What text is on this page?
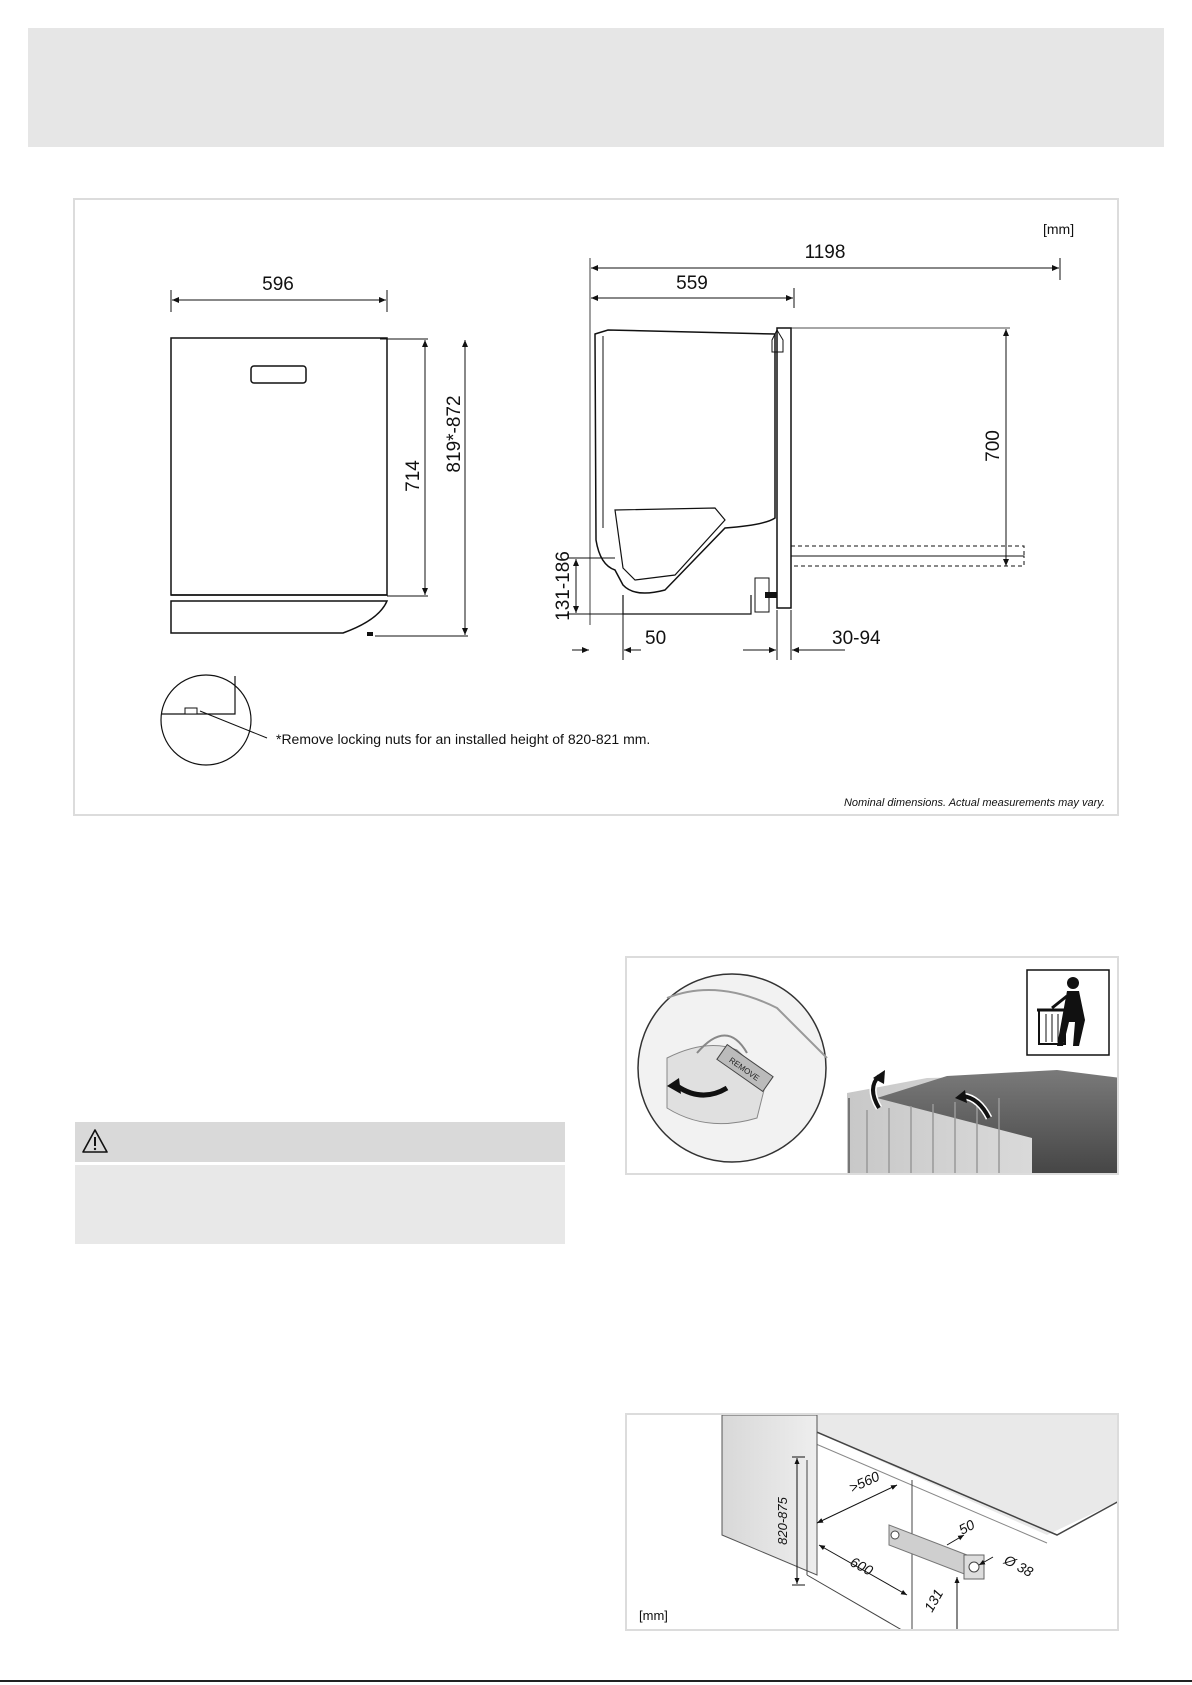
[mm]
596
714
819*-872
*Remove locking nuts for an installed height of 820-821 mm.
1198
559
700
131-186
50	30-94
Nominal dimensions. Actual measurements may vary.
REMOVE
820-875
>560
600
50
Ø 38
131
[mm]
